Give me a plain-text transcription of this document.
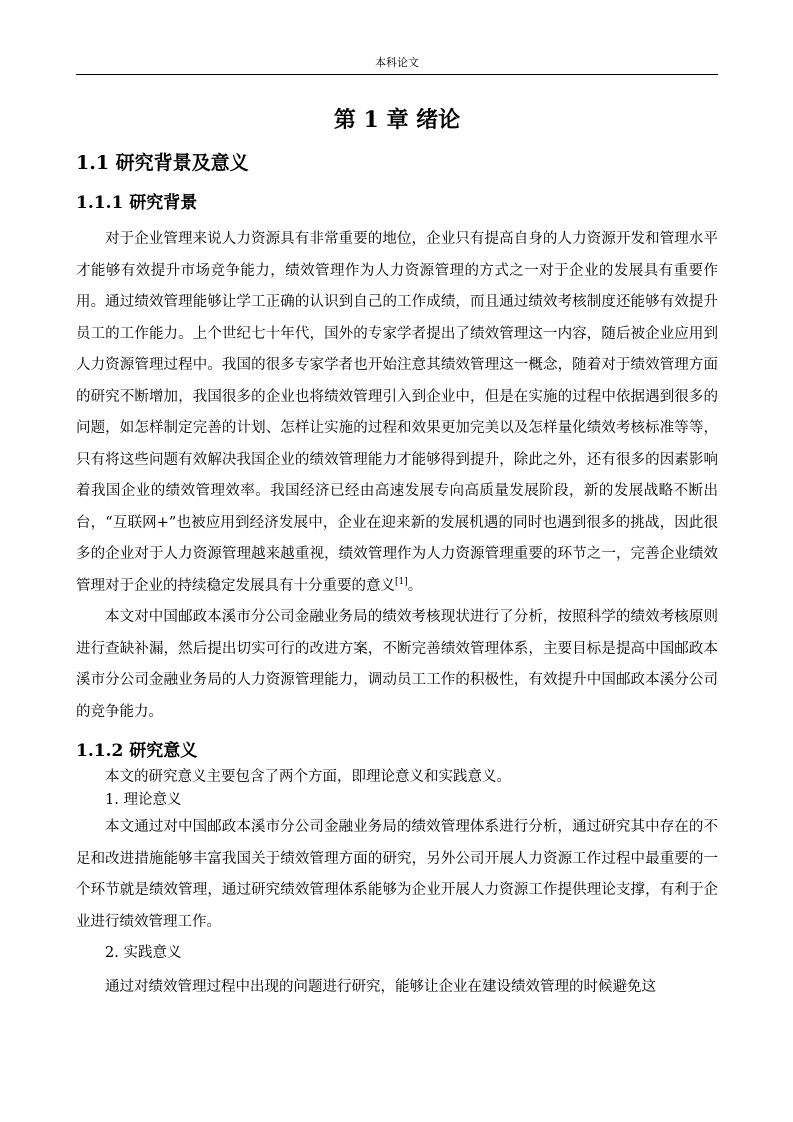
本科论文
第 1 章 绪论
1.1 研究背景及意义
1.1.1 研究背景

对于企业管理来说人力资源具有非常重要的地位，企业只有提高自身的人力资源开发和管理水平才能够有效提升市场竞争能力，绩效管理作为人力资源管理的方式之一对于企业的发展具有重要作用。通过绩效管理能够让学工正确的认识到自己的工作成绩，而且通过绩效考核制度还能够有效提升员工的工作能力。上个世纪七十年代，国外的专家学者提出了绩效管理这一内容，随后被企业应用到人力资源管理过程中。我国的很多专家学者也开始注意其绩效管理这一概念，随着对于绩效管理方面的研究不断增加，我国很多的企业也将绩效管理引入到企业中，但是在实施的过程中依据遇到很多的问题，如怎样制定完善的计划、怎样让实施的过程和效果更加完美以及怎样量化绩效考核标准等等，只有将这些问题有效解决我国企业的绩效管理能力才能够得到提升，除此之外，还有很多的因素影响着我国企业的绩效管理效率。我国经济已经由高速发展专向高质量发展阶段，新的发展战略不断出台，“互联网+”也被应用到经济发展中，企业在迎来新的发展机遇的同时也遇到很多的挑战，因此很多的企业对于人力资源管理越来越重视，绩效管理作为人力资源管理重要的环节之一，完善企业绩效管理对于企业的持续稳定发展具有十分重要的意义[1]。

本文对中国邮政本溪市分公司金融业务局的绩效考核现状进行了分析，按照科学的绩效考核原则进行查缺补漏，然后提出切实可行的改进方案，不断完善绩效管理体系，主要目标是提高中国邮政本溪市分公司金融业务局的人力资源管理能力，调动员工工作的积极性，有效提升中国邮政本溪分公司的竞争能力。

1.1.2 研究意义

本文的研究意义主要包含了两个方面，即理论意义和实践意义。

1. 理论意义

本文通过对中国邮政本溪市分公司金融业务局的绩效管理体系进行分析，通过研究其中存在的不足和改进措施能够丰富我国关于绩效管理方面的研究，另外公司开展人力资源工作过程中最重要的一个环节就是绩效管理，通过研究绩效管理体系能够为企业开展人力资源工作提供理论支撑，有利于企业进行绩效管理工作。

2. 实践意义

通过对绩效管理过程中出现的问题进行研究，能够让企业在建设绩效管理的时候避免这
